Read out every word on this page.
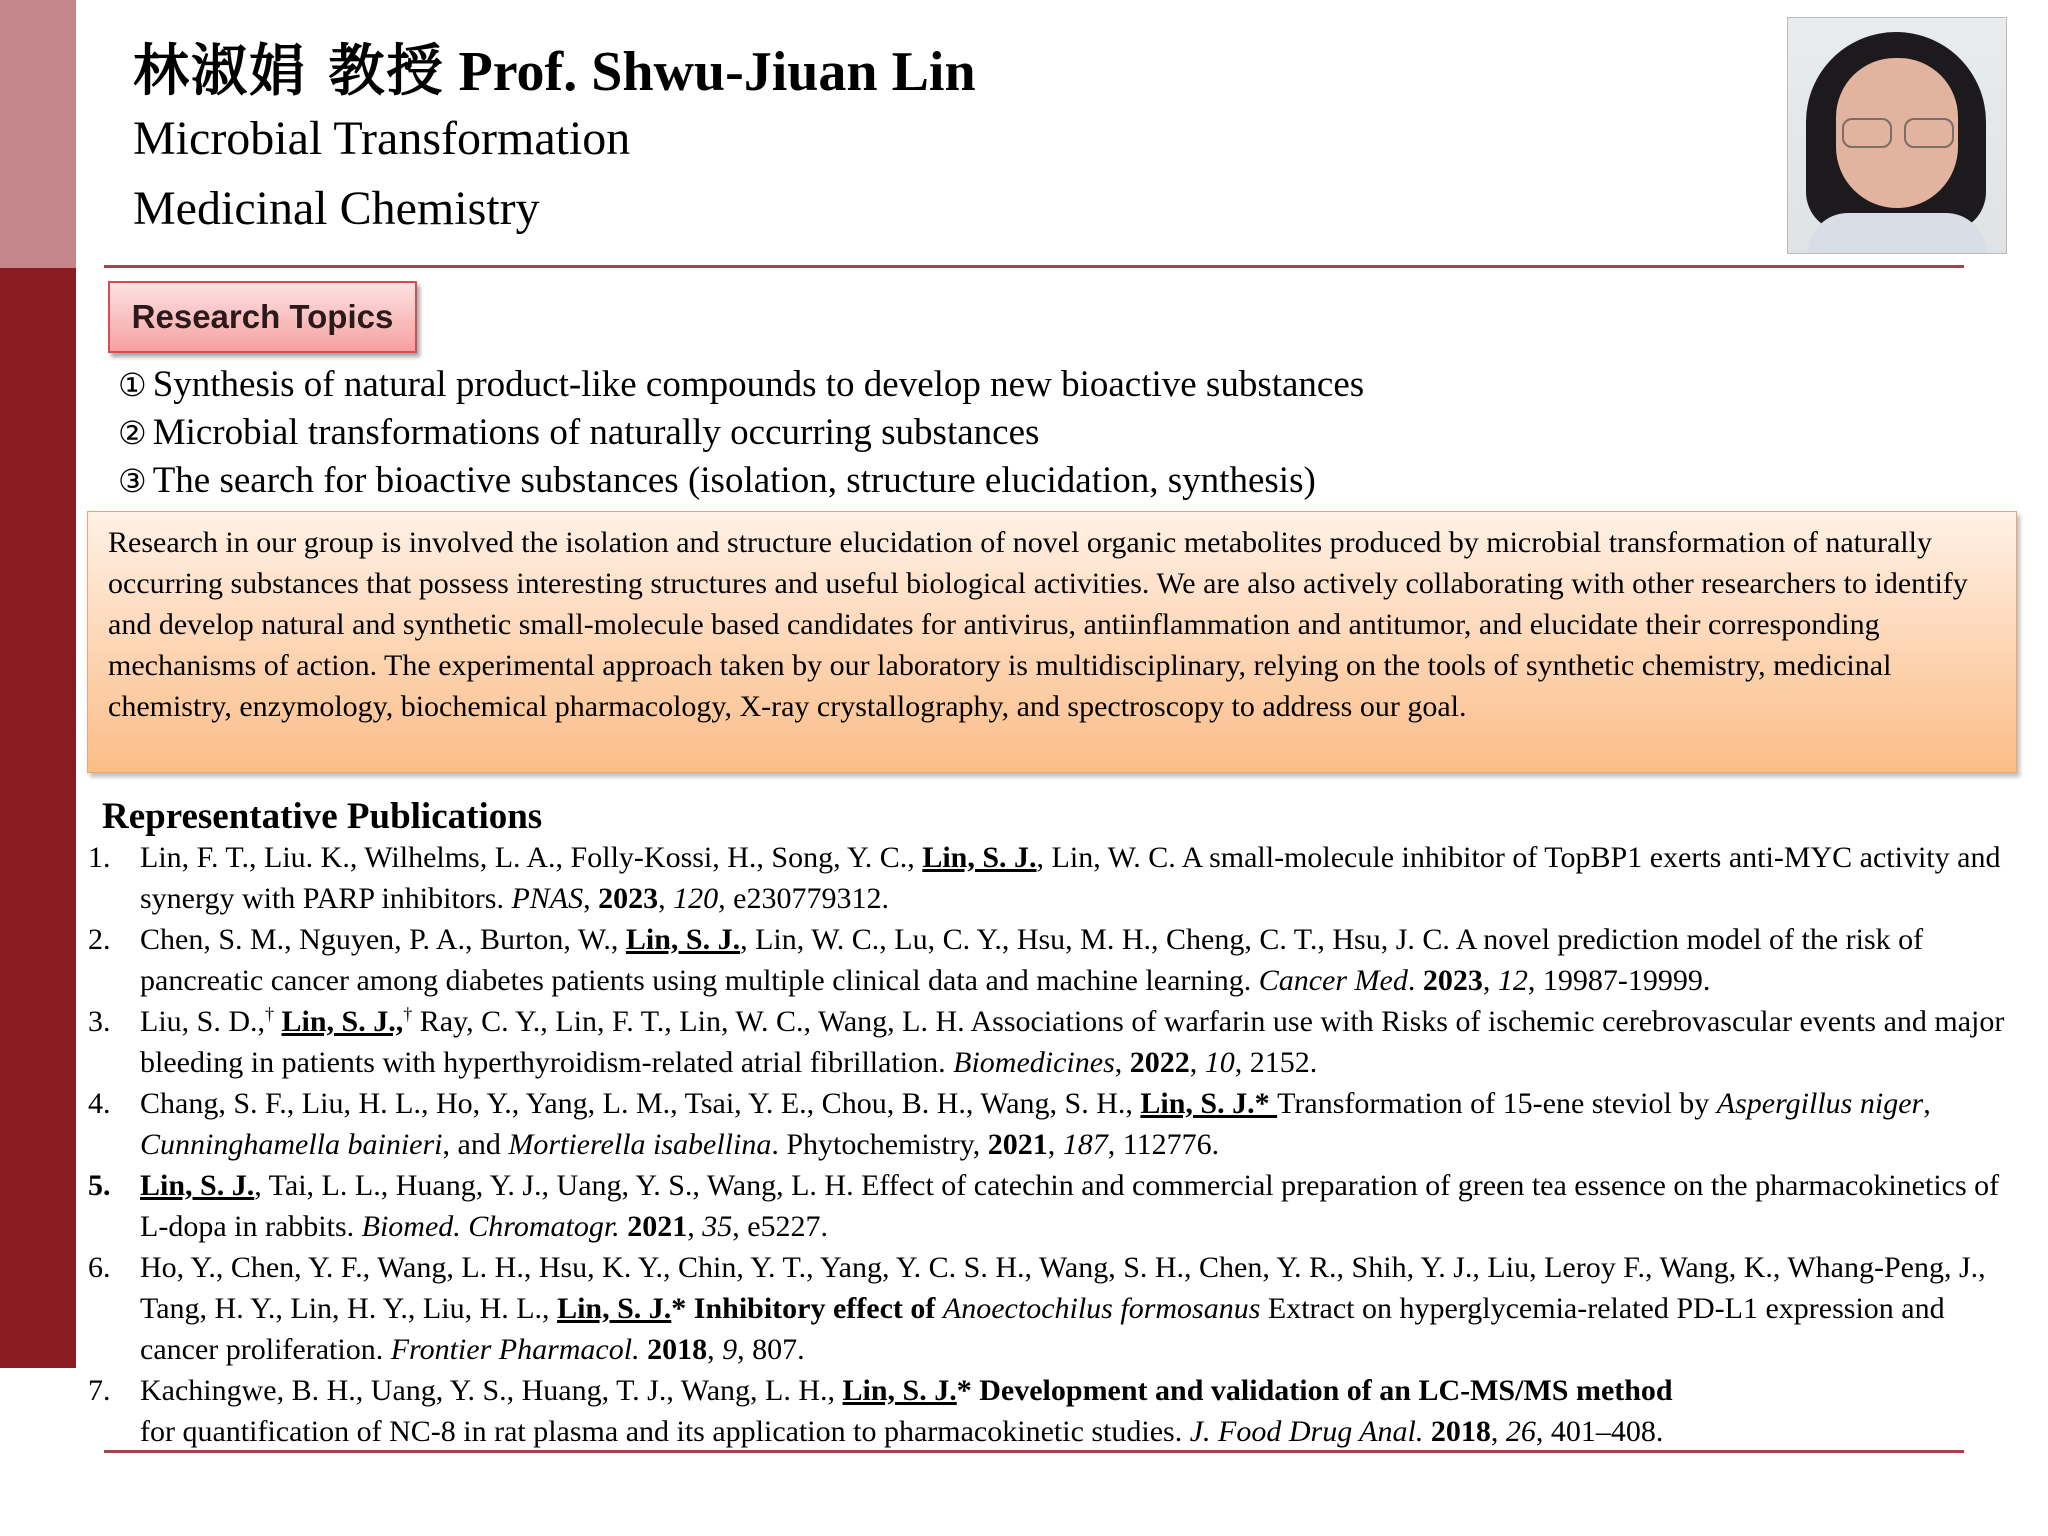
林淑娟 教授 Prof. Shwu-Jiuan Lin
Microbial Transformation
Medicinal Chemistry
Research Topics
① Synthesis of natural product-like compounds to develop new bioactive substances
② Microbial transformations of naturally occurring substances
③ The search for bioactive substances (isolation, structure elucidation, synthesis)
Research in our group is involved the isolation and structure elucidation of novel organic metabolites produced by microbial transformation of naturally occurring substances that possess interesting structures and useful biological activities. We are also actively collaborating with other researchers to identify and develop natural and synthetic small-molecule based candidates for antivirus, antiinflammation and antitumor, and elucidate their corresponding mechanisms of action. The experimental approach taken by our laboratory is multidisciplinary, relying on the tools of synthetic chemistry, medicinal chemistry, enzymology, biochemical pharmacology, X-ray crystallography, and spectroscopy to address our goal.
Representative Publications
1. Lin, F. T., Liu. K., Wilhelms, L. A., Folly-Kossi, H., Song, Y. C., Lin, S. J., Lin, W. C. A small-molecule inhibitor of TopBP1 exerts anti-MYC activity and synergy with PARP inhibitors. PNAS, 2023, 120, e230779312.
2. Chen, S. M., Nguyen, P. A., Burton, W., Lin, S. J., Lin, W. C., Lu, C. Y., Hsu, M. H., Cheng, C. T., Hsu, J. C. A novel prediction model of the risk of pancreatic cancer among diabetes patients using multiple clinical data and machine learning. Cancer Med. 2023, 12, 19987-19999.
3. Liu, S. D.,† Lin, S. J.,† Ray, C. Y., Lin, F. T., Lin, W. C., Wang, L. H. Associations of warfarin use with Risks of ischemic cerebrovascular events and major bleeding in patients with hyperthyroidism-related atrial fibrillation. Biomedicines, 2022, 10, 2152.
4. Chang, S. F., Liu, H. L., Ho, Y., Yang, L. M., Tsai, Y. E., Chou, B. H., Wang, S. H., Lin, S. J.* Transformation of 15-ene steviol by Aspergillus niger, Cunninghamella bainieri, and Mortierella isabellina. Phytochemistry, 2021, 187, 112776.
5. Lin, S. J., Tai, L. L., Huang, Y. J., Uang, Y. S., Wang, L. H. Effect of catechin and commercial preparation of green tea essence on the pharmacokinetics of L-dopa in rabbits. Biomed. Chromatogr. 2021, 35, e5227.
6. Ho, Y., Chen, Y. F., Wang, L. H., Hsu, K. Y., Chin, Y. T., Yang, Y. C. S. H., Wang, S. H., Chen, Y. R., Shih, Y. J., Liu, Leroy F., Wang, K., Whang-Peng, J., Tang, H. Y., Lin, H. Y., Liu, H. L., Lin, S. J.* Inhibitory effect of Anoectochilus formosanus Extract on hyperglycemia-related PD-L1 expression and cancer proliferation. Frontier Pharmacol. 2018, 9, 807.
7. Kachingwe, B. H., Uang, Y. S., Huang, T. J., Wang, L. H., Lin, S. J.* Development and validation of an LC-MS/MS method
for quantification of NC-8 in rat plasma and its application to pharmacokinetic studies. J. Food Drug Anal. 2018, 26, 401–408.
